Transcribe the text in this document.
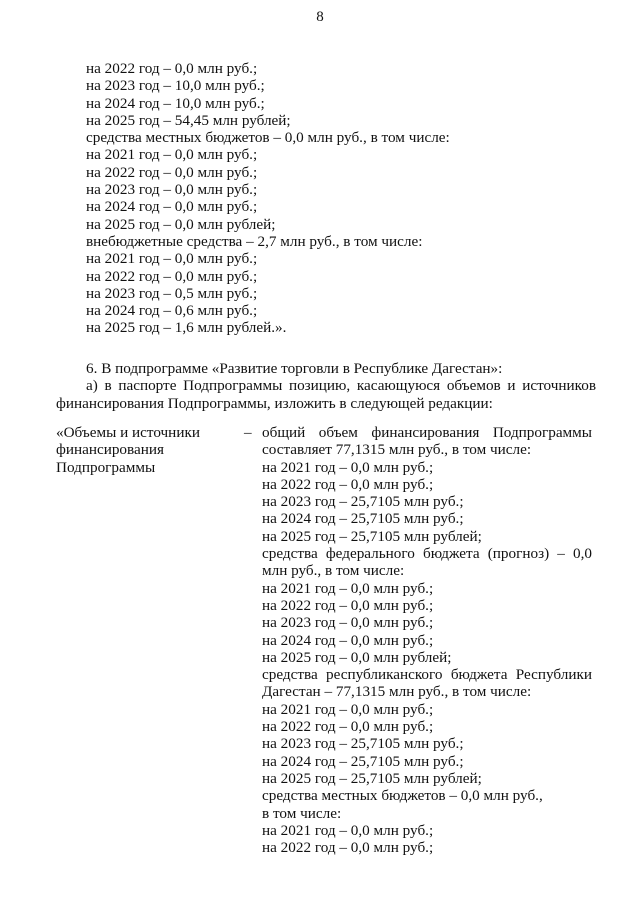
8
на 2022 год – 0,0 млн руб.;
на 2023 год – 10,0 млн руб.;
на 2024 год – 10,0 млн руб.;
на 2025 год – 54,45 млн рублей;
средства местных бюджетов – 0,0 млн руб., в том числе:
на 2021 год – 0,0 млн руб.;
на 2022 год – 0,0 млн руб.;
на 2023 год – 0,0 млн руб.;
на 2024 год – 0,0 млн руб.;
на 2025 год – 0,0 млн рублей;
внебюджетные средства – 2,7 млн руб., в том числе:
на 2021 год – 0,0 млн руб.;
на 2022 год – 0,0 млн руб.;
на 2023 год – 0,5 млн руб.;
на 2024 год – 0,6 млн руб.;
на 2025 год – 1,6 млн рублей.».
6. В подпрограмме «Развитие торговли в Республике Дагестан»:
а) в паспорте Подпрограммы позицию, касающуюся объемов и источников
финансирования Подпрограммы, изложить в следующей редакции:
«Объемы и источники
финансирования
Подпрограммы
– общий объем финансирования Подпрограммы
составляет 77,1315 млн руб., в том числе:
на 2021 год – 0,0 млн руб.;
на 2022 год – 0,0 млн руб.;
на 2023 год – 25,7105 млн руб.;
на 2024 год – 25,7105 млн руб.;
на 2025 год – 25,7105 млн рублей;
средства федерального бюджета (прогноз) – 0,0
млн руб., в том числе:
на 2021 год – 0,0 млн руб.;
на 2022 год – 0,0 млн руб.;
на 2023 год – 0,0 млн руб.;
на 2024 год – 0,0 млн руб.;
на 2025 год – 0,0 млн рублей;
средства республиканского бюджета Республики
Дагестан – 77,1315 млн руб., в том числе:
на 2021 год – 0,0 млн руб.;
на 2022 год – 0,0 млн руб.;
на 2023 год – 25,7105 млн руб.;
на 2024 год – 25,7105 млн руб.;
на 2025 год – 25,7105 млн рублей;
средства местных бюджетов – 0,0 млн руб.,
в том числе:
на 2021 год – 0,0 млн руб.;
на 2022 год – 0,0 млн руб.;
